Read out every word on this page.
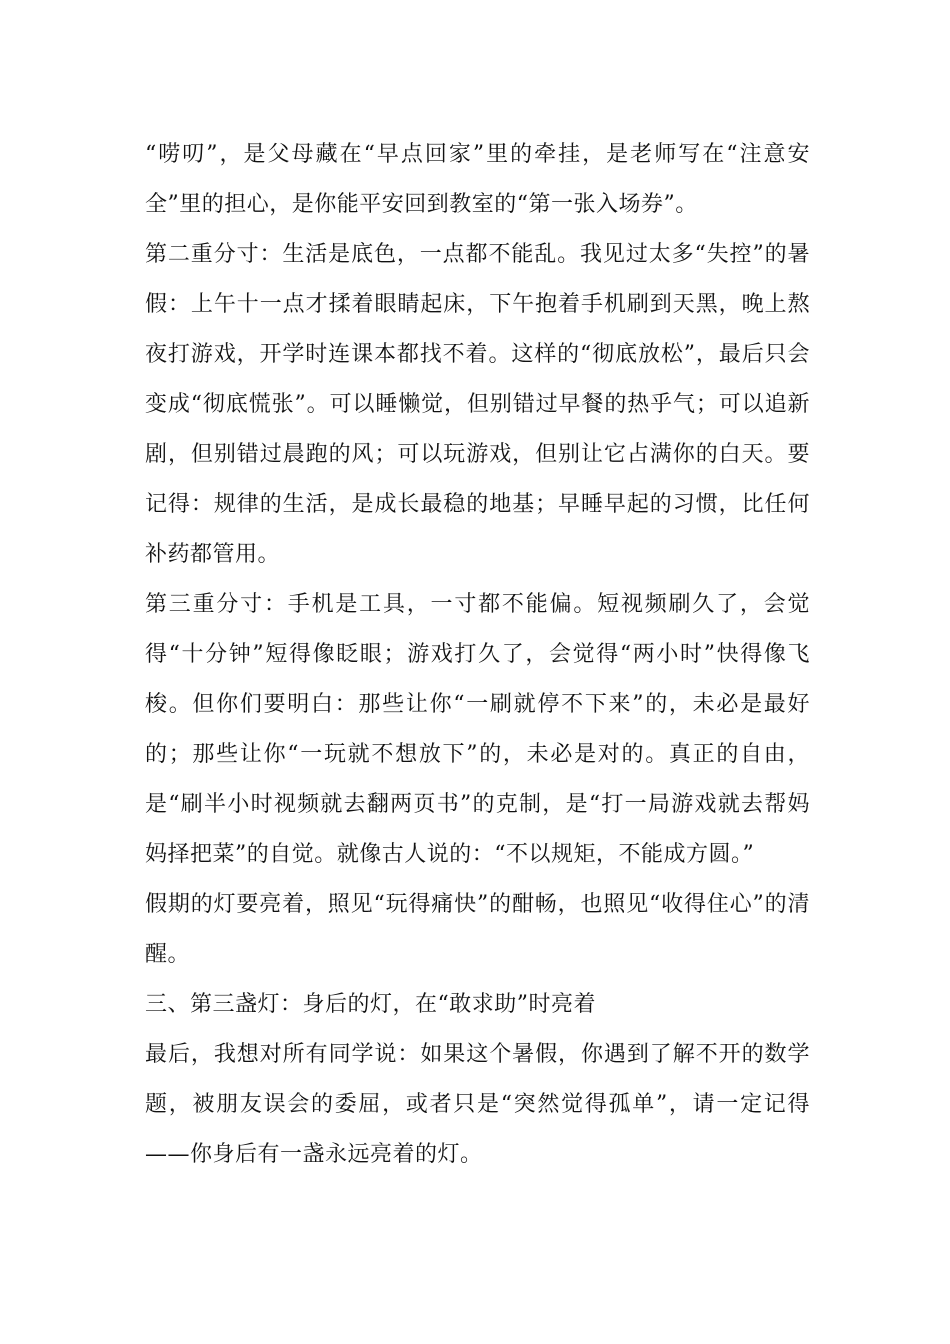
“唠叨”，是父母藏在“早点回家”里的牵挂，是老师写在“注意安全”里的担心，是你能平安回到教室的“第一张入场券”。

第二重分寸：生活是底色，一点都不能乱。我见过太多“失控”的暑假：上午十一点才揉着眼睛起床，下午抱着手机刷到天黑，晚上熬夜打游戏，开学时连课本都找不着。这样的“彻底放松”，最后只会变成“彻底慌张”。可以睡懒觉，但别错过早餐的热乎气；可以追新剧，但别错过晨跑的风；可以玩游戏，但别让它占满你的白天。要记得：规律的生活，是成长最稳的地基；早睡早起的习惯，比任何补药都管用。

第三重分寸：手机是工具，一寸都不能偏。短视频刷久了，会觉得“十分钟”短得像眨眼；游戏打久了，会觉得“两小时”快得像飞梭。但你们要明白：那些让你“一刷就停不下来”的，未必是最好的；那些让你“一玩就不想放下”的，未必是对的。真正的自由，是“刷半小时视频就去翻两页书”的克制，是“打一局游戏就去帮妈妈择把菜”的自觉。就像古人说的：“不以规矩，不能成方圆。”

假期的灯要亮着，照见“玩得痛快”的酣畅，也照见“收得住心”的清醒。

三、第三盏灯：身后的灯，在“敢求助”时亮着

最后，我想对所有同学说：如果这个暑假，你遇到了解不开的数学题，被朋友误会的委屈，或者只是“突然觉得孤单”，请一定记得——你身后有一盏永远亮着的灯。
